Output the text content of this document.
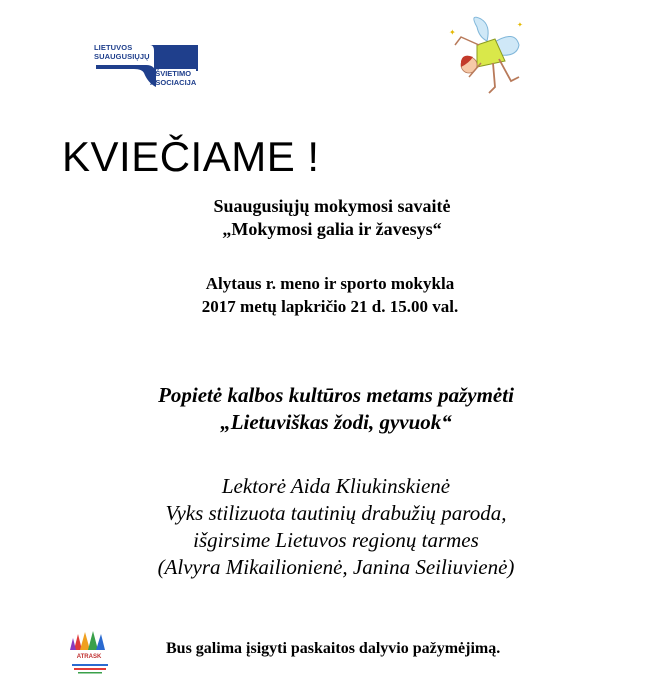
LIETUVOS
SUAUGUSIŲJŲ
ŠVIETIMO
ASOCIACIJA
✦
✦
KVIEČIAME !
Suaugusiųjų mokymosi savaitė
„Mokymosi galia ir žavesys“
Alytaus r. meno ir sporto mokykla
2017 metų lapkričio 21 d. 15.00 val.
Popietė kalbos kultūros metams pažymėti
„Lietuviškas žodi, gyvuok“
Lektorė Aida Kliukinskienė
Vyks stilizuota tautinių drabužių paroda,
išgirsime Lietuvos regionų tarmes
(Alvyra Mikailionienė, Janina Seiliuvienė)
ATRASK	Bus galima įsigyti paskaitos dalyvio pažymėjimą.
